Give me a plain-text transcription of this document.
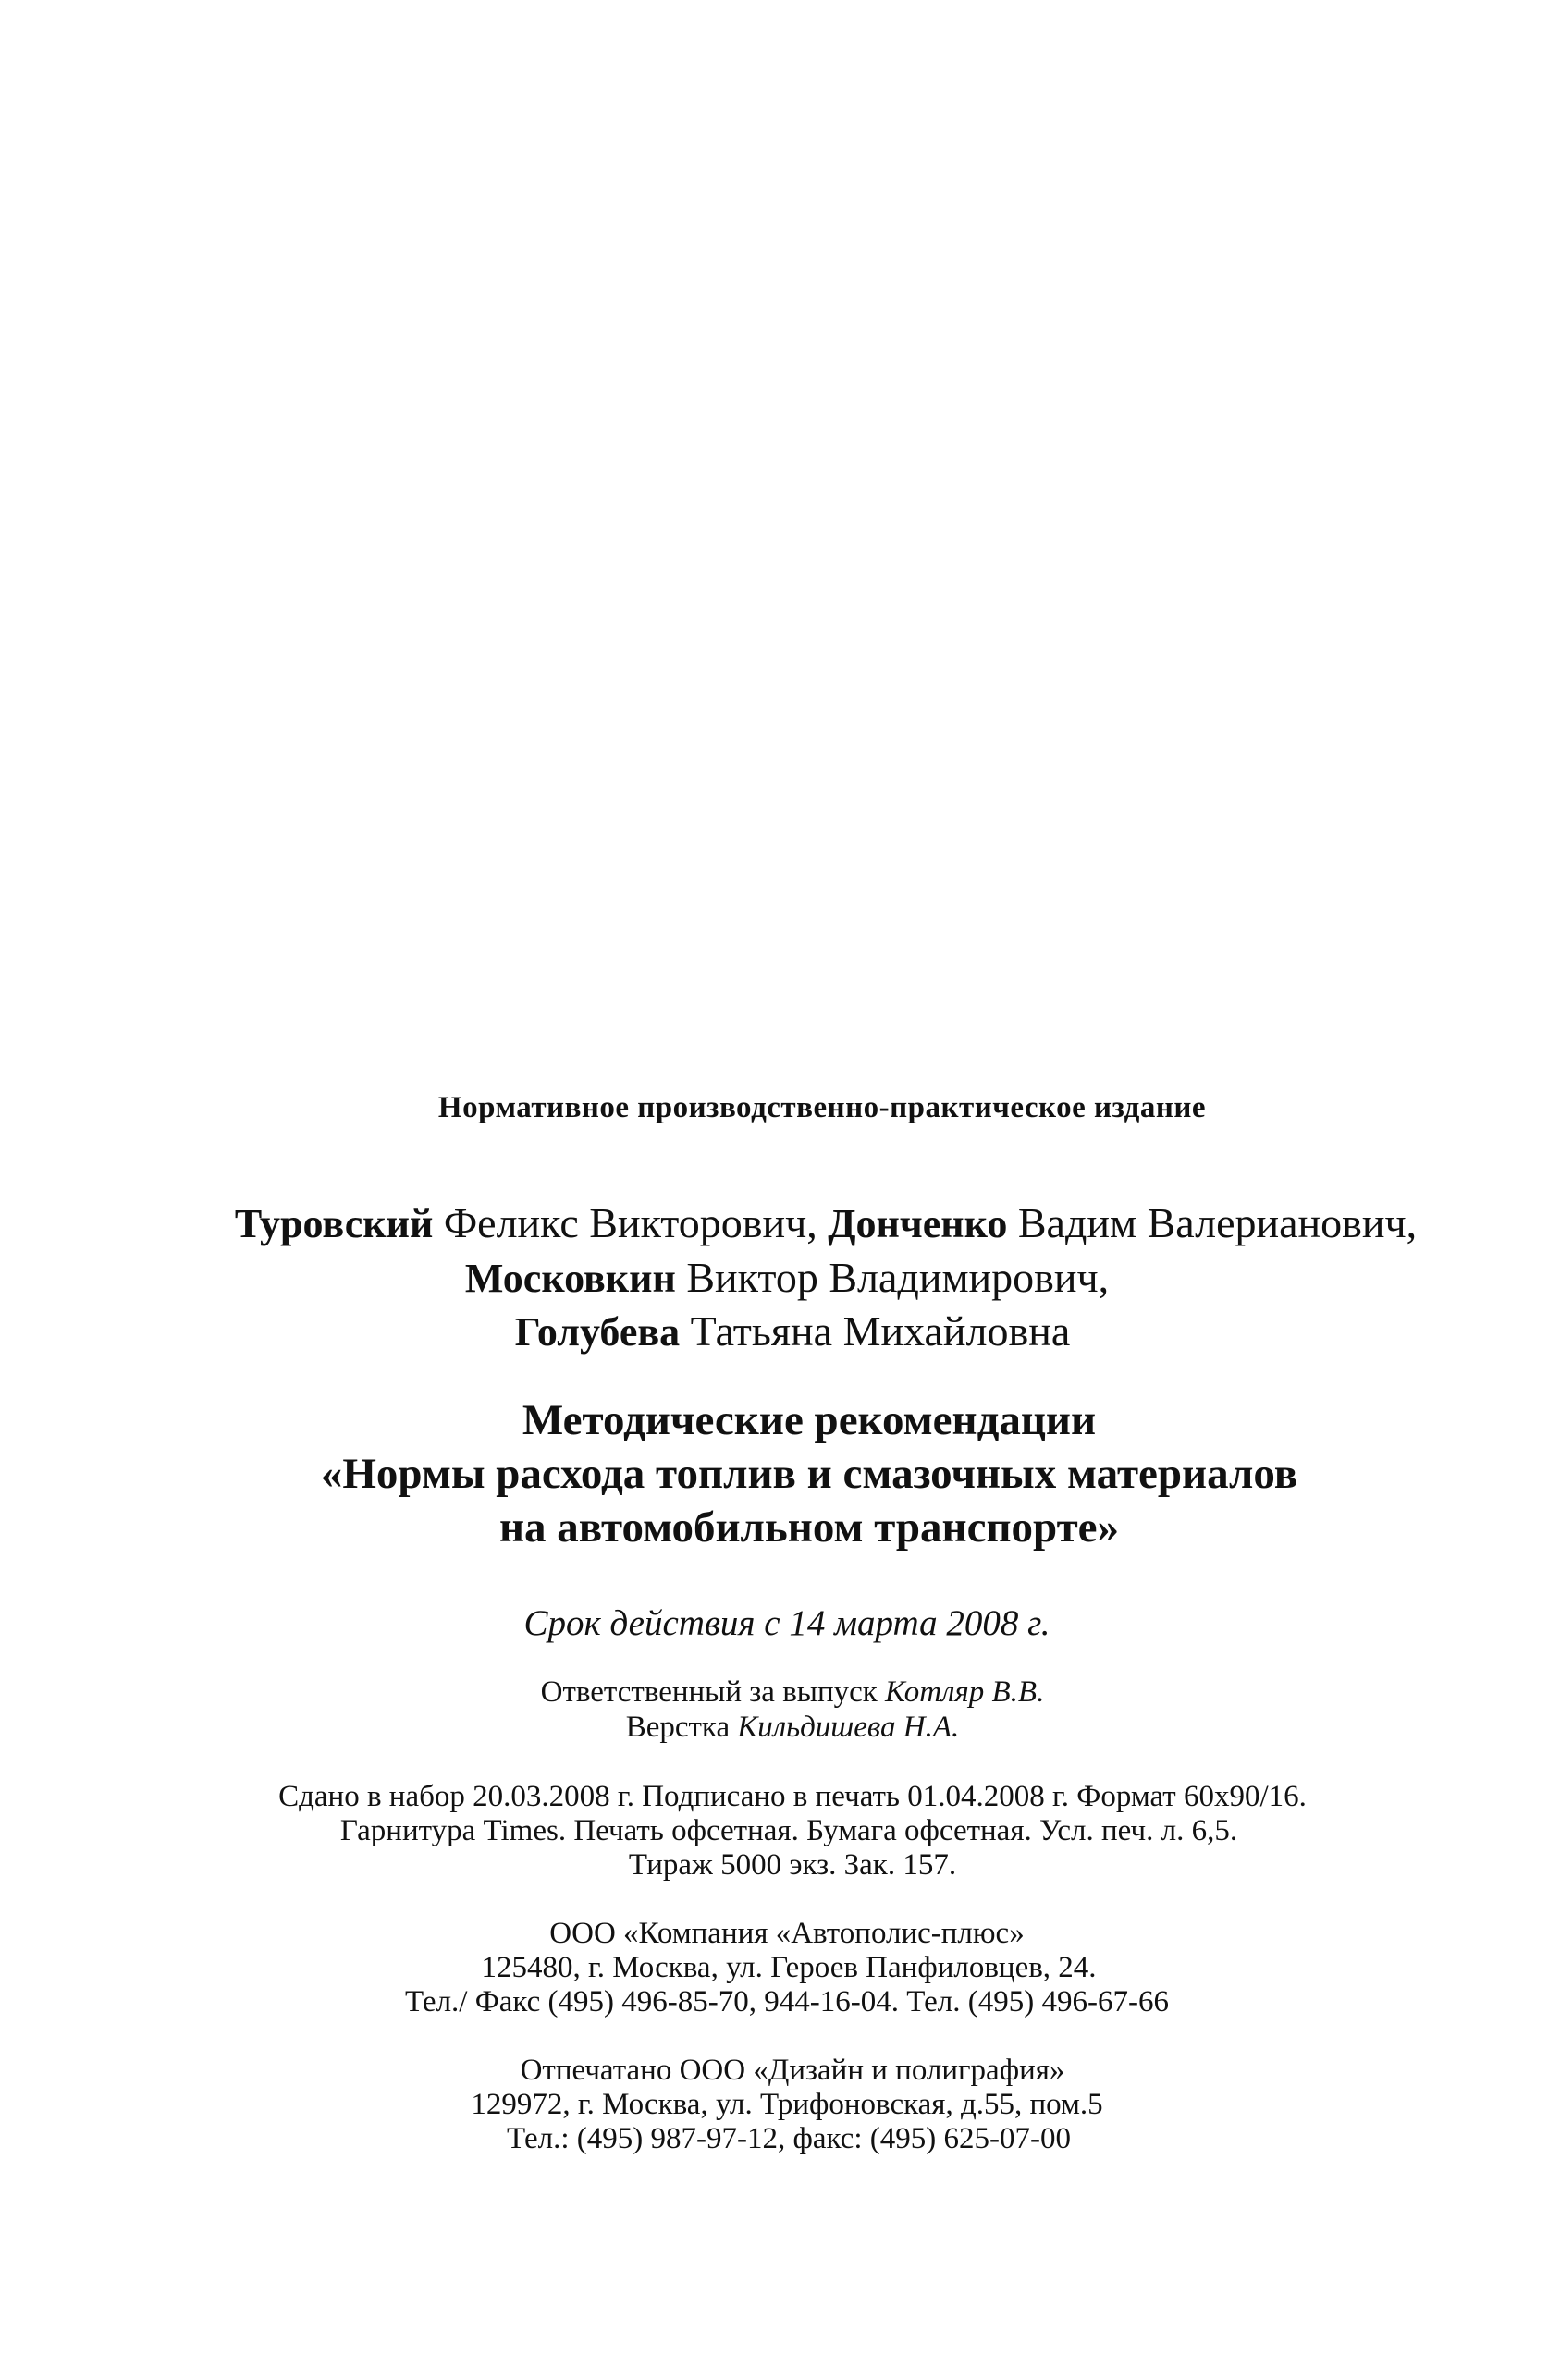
Нормативное производственно-практическое издание

Туровский Феликс Викторович, Донченко Вадим Валерианович,

Московкин Виктор Владимирович,

Голубева Татьяна Михайловна

Методические рекомендации

«Нормы расхода топлив и смазочных материалов

на автомобильном транспорте»

Срок действия с 14 марта 2008 г.

Ответственный за выпуск Котляр В.В.

Верстка Кильдишева Н.А.

Сдано в набор 20.03.2008 г. Подписано в печать 01.04.2008 г. Формат 60х90/16.

Гарнитура Times. Печать офсетная. Бумага офсетная. Усл. печ. л. 6,5.

Тираж 5000 экз. Зак. 157.

ООО «Компания «Автополис-плюс»

125480, г. Москва, ул. Героев Панфиловцев, 24.

Тел./ Факс (495) 496-85-70, 944-16-04. Тел. (495) 496-67-66

Отпечатано ООО «Дизайн и полиграфия»

129972, г. Москва, ул. Трифоновская, д.55, пом.5

Тел.: (495) 987-97-12, факс: (495) 625-07-00
